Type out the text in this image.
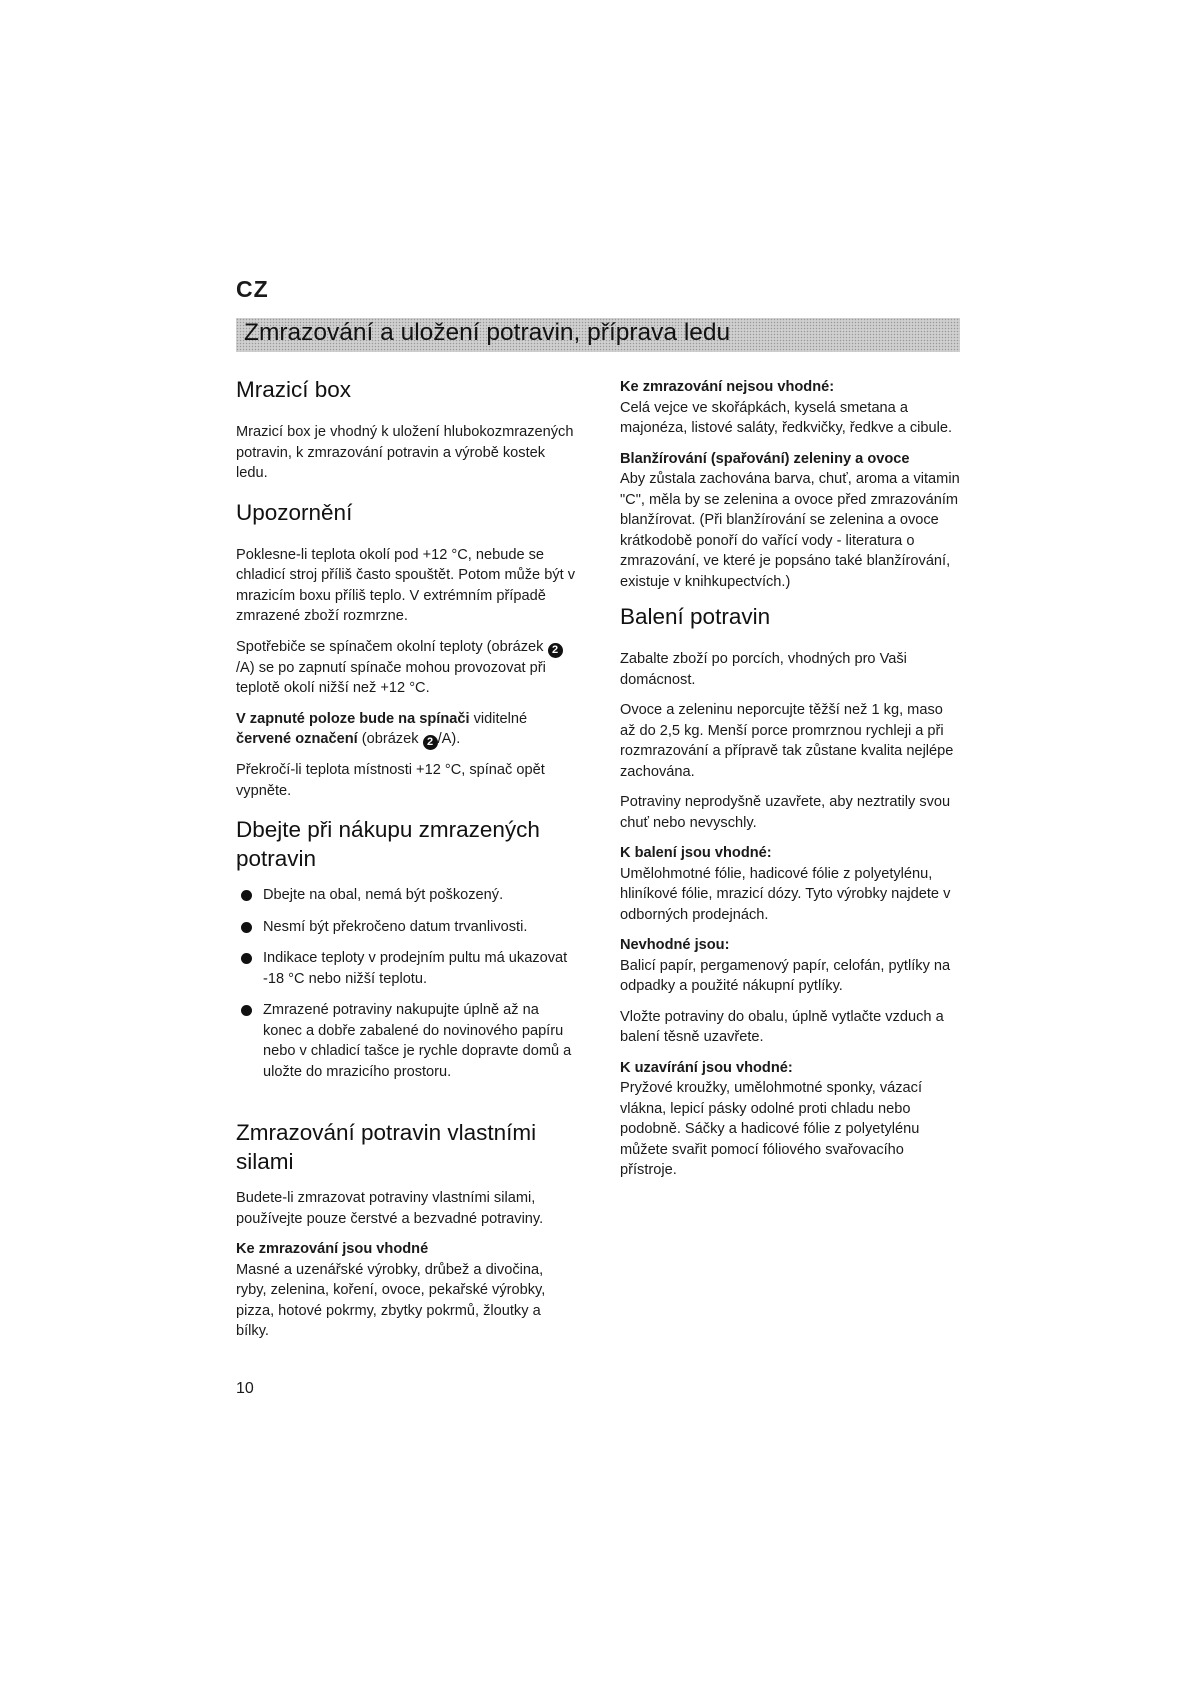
CZ
Zmrazování a uložení potravin, příprava ledu
Mrazicí box

Mrazicí box je vhodný k uložení hlubokozmrazených potravin, k zmrazování potravin a výrobě kostek ledu.

Upozornění

Poklesne-li teplota okolí pod +12 °C, nebude se chladicí stroj příliš často spouštět. Potom může být v mrazicím boxu příliš teplo. V extrémním případě zmrazené zboží rozmrzne.

Spotřebiče se spínačem okolní teploty (obrázek 2/A) se po zapnutí spínače mohou provozovat při teplotě okolí nižší než +12 °C.

V zapnuté poloze bude na spínači viditelné červené označení (obrázek 2 /A).

Překročí-li teplota místnosti +12 °C, spínač opět vypněte.

Dbejte při nákupu zmrazených potravin
Dbejte na obal, nemá být poškozený.
Nesmí být překročeno datum trvanlivosti.
Indikace teploty v prodejním pultu má ukazovat -18 °C nebo nižší teplotu.
Zmrazené potraviny nakupujte úplně až na konec a dobře zabalené do novinového papíru nebo v chladicí tašce je rychle dopravte domů a uložte do mrazicího prostoru.
Zmrazování potravin vlastními silami

Budete-li zmrazovat potraviny vlastními silami, používejte pouze čerstvé a bezvadné potraviny.

Ke zmrazování jsou vhodné

Masné a uzenářské výrobky, drůbež a divočina, ryby, zelenina, koření, ovoce, pekařské výrobky, pizza, hotové pokrmy, zbytky pokrmů, žloutky a bílky.

Ke zmrazování nejsou vhodné:

Celá vejce ve skořápkách, kyselá smetana a majonéza, listové saláty, ředkvičky, ředkve a cibule.

Blanžírování (spařování) zeleniny a ovoce

Aby zůstala zachována barva, chuť, aroma a vitamin "C", měla by se zelenina a ovoce před zmrazováním blanžírovat. (Při blanžírování se zelenina a ovoce krátkodobě ponoří do vařící vody - literatura o zmrazování, ve které je popsáno také blanžírování, existuje v knihkupectvích.)

Balení potravin

Zabalte zboží po porcích, vhodných pro Vaši domácnost.

Ovoce a zeleninu neporcujte těžší než 1 kg, maso až do 2,5 kg. Menší porce promrznou rychleji a při rozmrazování a přípravě tak zůstane kvalita nejlépe zachována.

Potraviny neprodyšně uzavřete, aby neztratily svou chuť nebo nevyschly.

K balení jsou vhodné:

Umělohmotné fólie, hadicové fólie z polyetylénu, hliníkové fólie, mrazicí dózy. Tyto výrobky najdete v odborných prodejnách.

Nevhodné jsou:

Balicí papír, pergamenový papír, celofán, pytlíky na odpadky a použité nákupní pytlíky.

Vložte potraviny do obalu, úplně vytlačte vzduch a balení těsně uzavřete.

K uzavírání jsou vhodné:

Pryžové kroužky, umělohmotné sponky, vázací vlákna, lepicí pásky odolné proti chladu nebo podobně. Sáčky a hadicové fólie z polyetylénu můžete svařit pomocí fóliového svařovacího přístroje.

10
